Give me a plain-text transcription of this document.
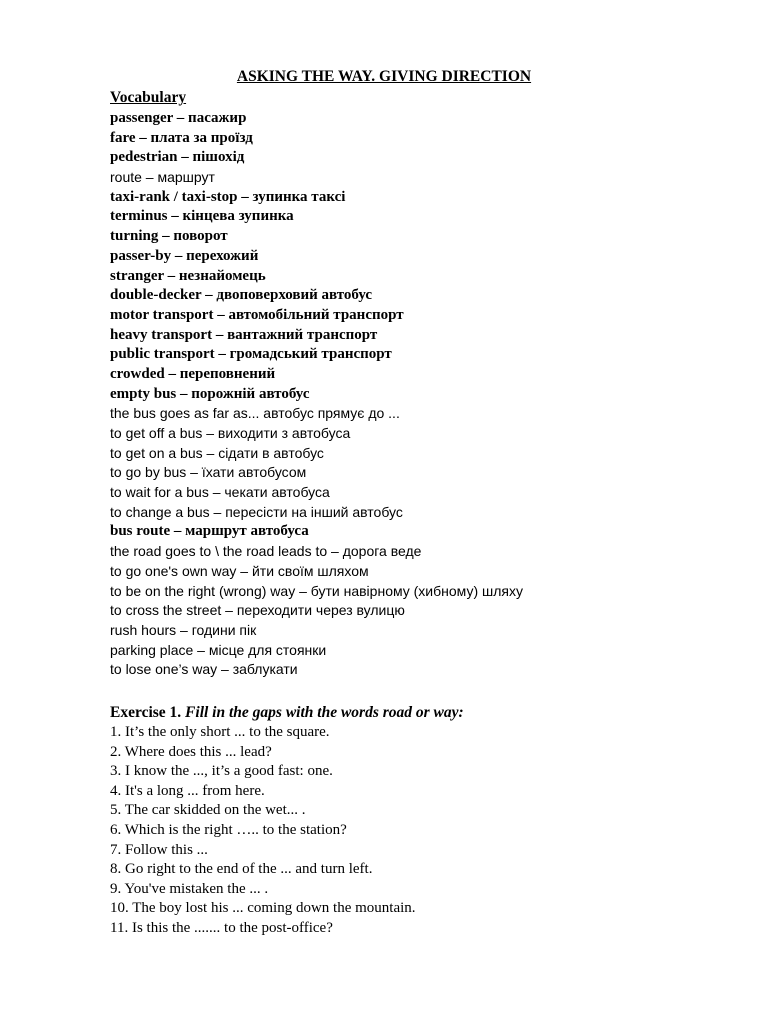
ASKING THE WAY. GIVING DIRECTION
Vocabulary
passenger – пасажир
fare – плата за проїзд
pedestrian – пішохід
route – маршрут
taxi-rank / taxi-stop – зупинка таксі
terminus – кінцева зупинка
turning – поворот
passer-by – перехожий
stranger – незнайомець
double-decker – двоповерховий автобус
motor transport – автомобільний транспорт
heavy transport – вантажний транспорт
public transport – громадський транспорт
crowded – переповнений
empty bus – порожній автобус
the bus goes as far as... автобус прямує до ...
to get off a bus – виходити з автобуса
to get on a bus – сідати в автобус
to go by bus – їхати автобусом
to wait for a bus – чекати автобуса
to change a bus – пересісти на інший автобус
bus route – маршрут автобуса
the road goes to \ the road leads to – дорога веде
to go one's own way – йти своїм шляхом
to be on the right (wrong) way – бути навірному (хибному) шляху
to cross the street – переходити через вулицю
rush hours – години пік
parking place – місце для стоянки
to lose one’s way – заблукати
Exercise 1. Fill in the gaps with the words road or way:
1. It’s the only short ... to the square.
2. Where does this ... lead?
3. I know the ..., it’s a good fast: one.
4. It's a long ... from here.
5. The car skidded on the wet... .
6. Which is the right ….. to the station?
7. Follow this ...
8. Go right to the end of the ... and turn left.
9. You've mistaken the ... .
10. The boy lost his ... coming down the mountain.
11. Is this the ....... to the post-office?
